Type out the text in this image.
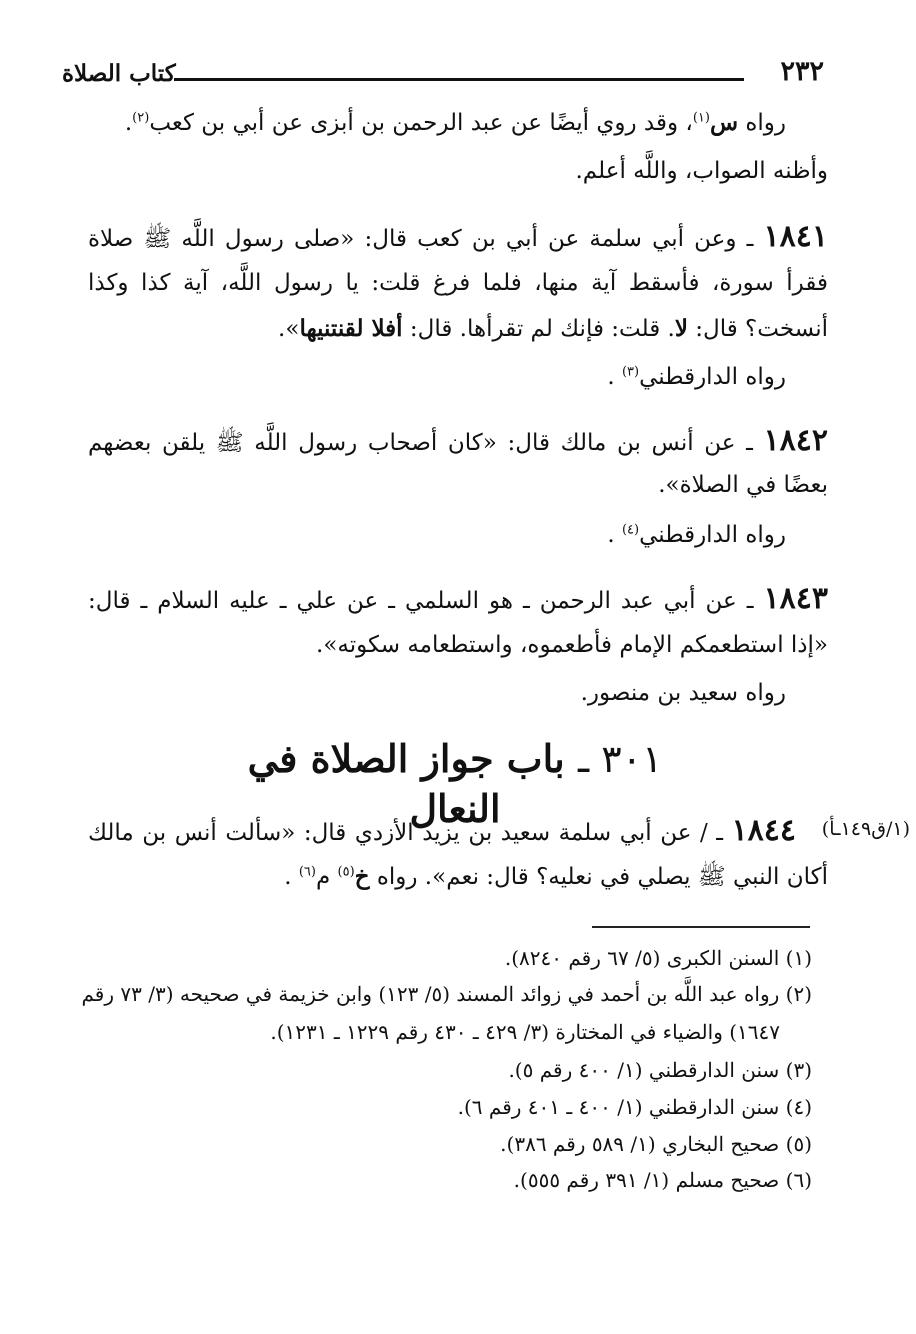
٢٣٢
كتاب الصلاة
رواه س$^{(١)}$، وقد روي أيضًا عن عبد الرحمن بن أبزى عن أبي بن كعب$^{(٢)}$.
وأظنه الصواب، واللَّه أعلم.
١٨٤١ ـ وعن أبي سلمة عن أبي بن كعب قال: «صلى رسول اللَّه ﷺ صلاة
فقرأ سورة، فأسقط آية منها، فلما فرغ قلت: يا رسول اللَّه، آية كذا وكذا
أنسخت؟ قال: لا. قلت: فإنك لم تقرأها. قال: أفلا لقنتنيها».
رواه الدارقطني$^{(٣)}$ .
١٨٤٢ ـ عن أنس بن مالك قال: «كان أصحاب رسول اللَّه ﷺ يلقن بعضهم
بعضًا في الصلاة».
رواه الدارقطني$^{(٤)}$ .
١٨٤٣ ـ عن أبي عبد الرحمن ـ هو السلمي ـ عن علي ـ عليه السلام ـ قال:
«إذا استطعمكم الإمام فأطعموه، واستطعامه سكوته».
رواه سعيد بن منصور.
٣٠١ ـ باب جواز الصلاة في النعال	(١/ق١٤٩ـأ)
١٨٤٤ ـ / عن أبي سلمة سعيد بن يزيد الأزدي قال: «سألت أنس بن مالك
أكان النبي ﷺ يصلي في نعليه؟ قال: نعم». رواه خ$^{(٥)}$ م$^{(٦)}$ .
(١) السنن الكبرى (٥/ ٦٧ رقم ٨٢٤٠).
(٢) رواه عبد اللَّه بن أحمد في زوائد المسند (٥/ ١٢٣) وابن خزيمة في صحيحه (٣/ ٧٣ رقم
١٦٤٧) والضياء في المختارة (٣/ ٤٢٩ ـ ٤٣٠ رقم ١٢٢٩ ـ ١٢٣١).
(٣) سنن الدارقطني (١/ ٤٠٠ رقم ٥).
(٤) سنن الدارقطني (١/ ٤٠٠ ـ ٤٠١ رقم ٦).
(٥) صحيح البخاري (١/ ٥٨٩ رقم ٣٨٦).
(٦) صحيح مسلم (١/ ٣٩١ رقم ٥٥٥).
